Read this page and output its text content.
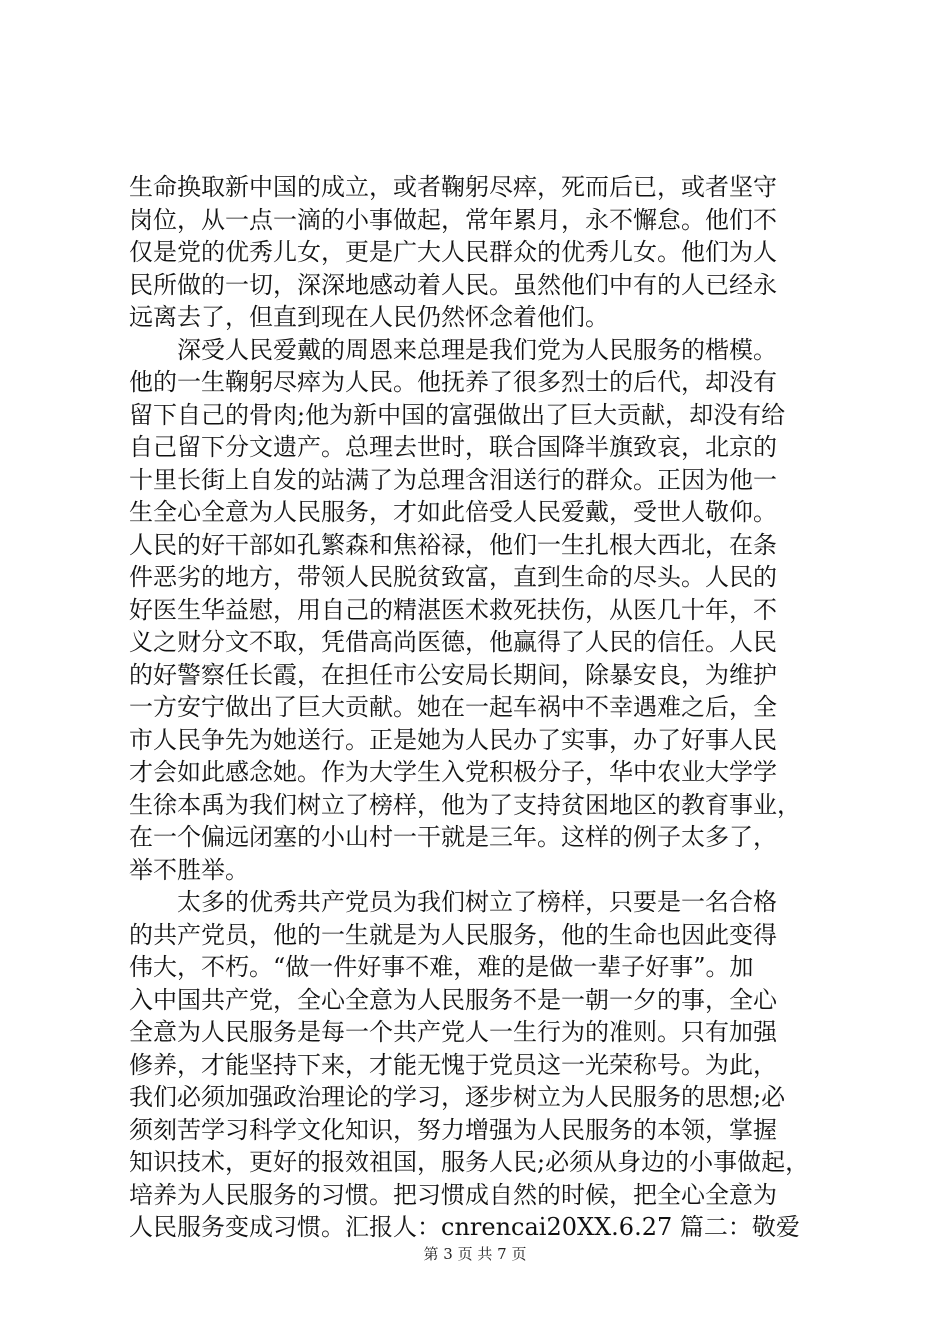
生命换取新中国的成立，或者鞠躬尽瘁，死而后已，或者坚守
岗位，从一点一滴的小事做起，常年累月，永不懈怠。他们不
仅是党的优秀儿女，更是广大人民群众的优秀儿女。他们为人
民所做的一切，深深地感动着人民。虽然他们中有的人已经永
远离去了，但直到现在人民仍然怀念着他们。
　　深受人民爱戴的周恩来总理是我们党为人民服务的楷模。
他的一生鞠躬尽瘁为人民。他抚养了很多烈士的后代，却没有
留下自己的骨肉;他为新中国的富强做出了巨大贡献，却没有给
自己留下分文遗产。总理去世时，联合国降半旗致哀，北京的
十里长街上自发的站满了为总理含泪送行的群众。正因为他一
生全心全意为人民服务，才如此倍受人民爱戴，受世人敬仰。
人民的好干部如孔繁森和焦裕禄，他们一生扎根大西北，在条
件恶劣的地方，带领人民脱贫致富，直到生命的尽头。人民的
好医生华益慰，用自己的精湛医术救死扶伤，从医几十年，不
义之财分文不取，凭借高尚医德，他赢得了人民的信任。人民
的好警察任长霞，在担任市公安局长期间，除暴安良，为维护
一方安宁做出了巨大贡献。她在一起车祸中不幸遇难之后，全
市人民争先为她送行。正是她为人民办了实事，办了好事人民
才会如此感念她。作为大学生入党积极分子，华中农业大学学
生徐本禹为我们树立了榜样，他为了支持贫困地区的教育事业，
在一个偏远闭塞的小山村一干就是三年。这样的例子太多了，
举不胜举。
　　太多的优秀共产党员为我们树立了榜样，只要是一名合格
的共产党员，他的一生就是为人民服务，他的生命也因此变得
伟大，不朽。“做一件好事不难，难的是做一辈子好事”。加
入中国共产党，全心全意为人民服务不是一朝一夕的事，全心
全意为人民服务是每一个共产党人一生行为的准则。只有加强
修养，才能坚持下来，才能无愧于党员这一光荣称号。为此，
我们必须加强政治理论的学习，逐步树立为人民服务的思想;必
须刻苦学习科学文化知识，努力增强为人民服务的本领，掌握
知识技术，更好的报效祖国，服务人民;必须从身边的小事做起，
培养为人民服务的习惯。把习惯成自然的时候，把全心全意为
人民服务变成习惯。汇报人：cnrencai20XX.6.27 篇二：敬爱
第 3 页 共 7 页
